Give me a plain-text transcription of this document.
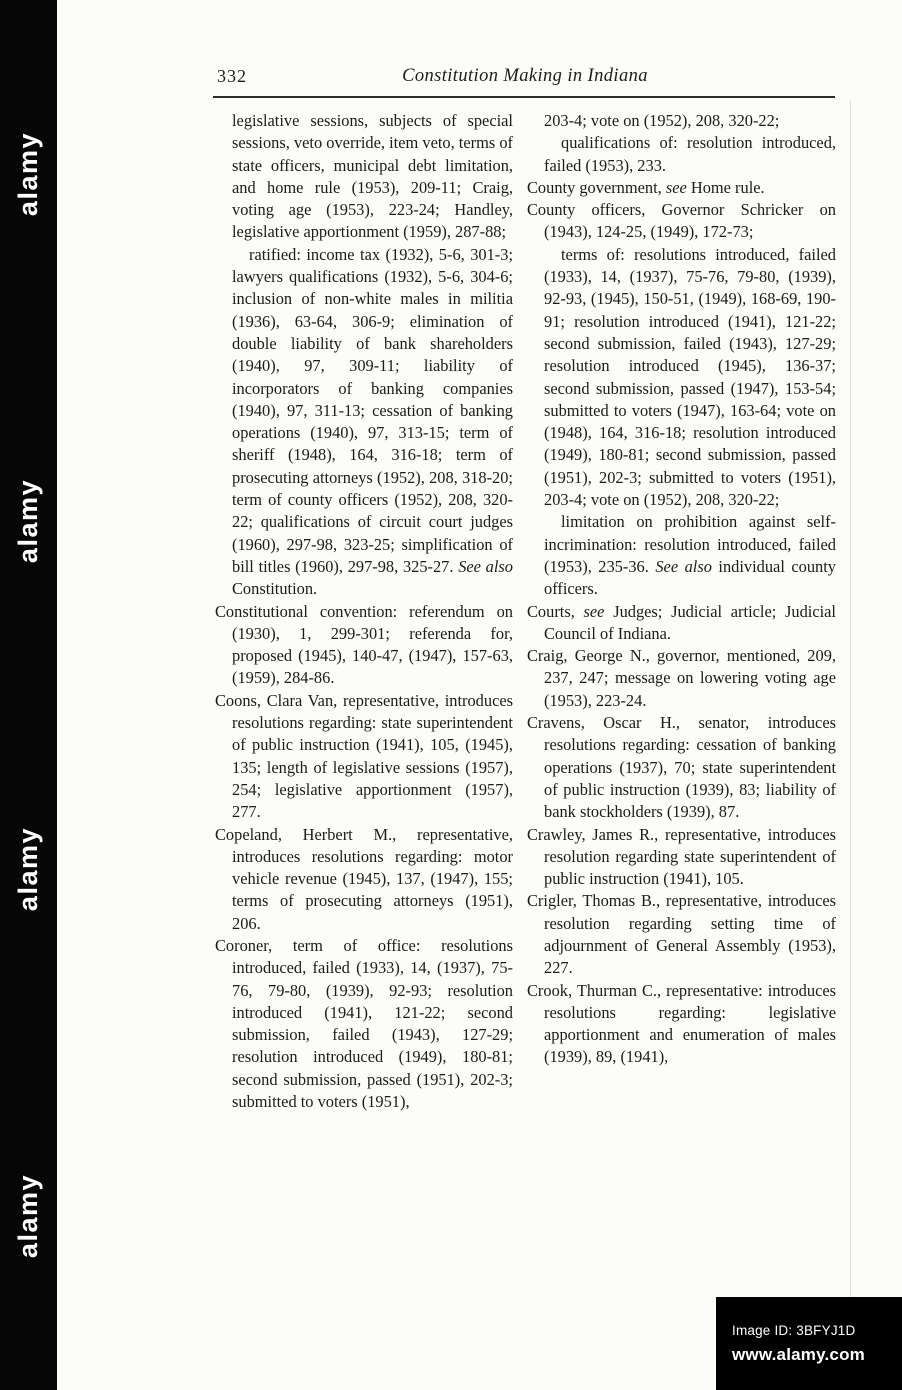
332	Constitution Making in Indiana

legislative sessions, subjects of special sessions, veto override, item veto, terms of state officers, municipal debt limitation, and home rule (1953), 209-11; Craig, voting age (1953), 223-24; Handley, legislative apportionment (1959), 287-88;

ratified: income tax (1932), 5-6, 301-3; lawyers qualifications (1932), 5-6, 304-6; inclusion of non-white males in militia (1936), 63-64, 306-9; elimination of double liability of bank shareholders (1940), 97, 309-11; liability of incorporators of banking companies (1940), 97, 311-13; cessation of banking operations (1940), 97, 313-15; term of sheriff (1948), 164, 316-18; term of prosecuting attorneys (1952), 208, 318-20; term of county officers (1952), 208, 320-22; qualifications of circuit court judges (1960), 297-98, 323-25; simplification of bill titles (1960), 297-98, 325-27. See also Constitution.

Constitutional convention: referendum on (1930), 1, 299-301; referenda for, proposed (1945), 140-47, (1947), 157-63, (1959), 284-86.

Coons, Clara Van, representative, introduces resolutions regarding: state superintendent of public instruction (1941), 105, (1945), 135; length of legislative sessions (1957), 254; legislative apportionment (1957), 277.

Copeland, Herbert M., representative, introduces resolutions regarding: motor vehicle revenue (1945), 137, (1947), 155; terms of prosecuting attorneys (1951), 206.

Coroner, term of office: resolutions introduced, failed (1933), 14, (1937), 75-76, 79-80, (1939), 92-93; resolution introduced (1941), 121-22; second submission, failed (1943), 127-29; resolution introduced (1949), 180-81; second submission, passed (1951), 202-3; submitted to voters (1951),

203-4; vote on (1952), 208, 320-22;

qualifications of: resolution introduced, failed (1953), 233.

County government, see Home rule.

County officers, Governor Schricker on (1943), 124-25, (1949), 172-73;

terms of: resolutions introduced, failed (1933), 14, (1937), 75-76, 79-80, (1939), 92-93, (1945), 150-51, (1949), 168-69, 190-91; resolution introduced (1941), 121-22; second submission, failed (1943), 127-29; resolution introduced (1945), 136-37; second submission, passed (1947), 153-54; submitted to voters (1947), 163-64; vote on (1948), 164, 316-18; resolution introduced (1949), 180-81; second submission, passed (1951), 202-3; submitted to voters (1951), 203-4; vote on (1952), 208, 320-22;

limitation on prohibition against self-incrimination: resolution introduced, failed (1953), 235-36. See also individual county officers.

Courts, see Judges; Judicial article; Judicial Council of Indiana.

Craig, George N., governor, mentioned, 209, 237, 247; message on lowering voting age (1953), 223-24.

Cravens, Oscar H., senator, introduces resolutions regarding: cessation of banking operations (1937), 70; state superintendent of public instruction (1939), 83; liability of bank stockholders (1939), 87.

Crawley, James R., representative, introduces resolution regarding state superintendent of public instruction (1941), 105.

Crigler, Thomas B., representative, introduces resolution regarding setting time of adjournment of General Assembly (1953), 227.

Crook, Thurman C., representative: introduces resolutions regarding: legislative apportionment and enumeration of males (1939), 89, (1941),

alamy
alamy
alamy
alamy
Image ID: 3BFYJ1D
www.alamy.com
